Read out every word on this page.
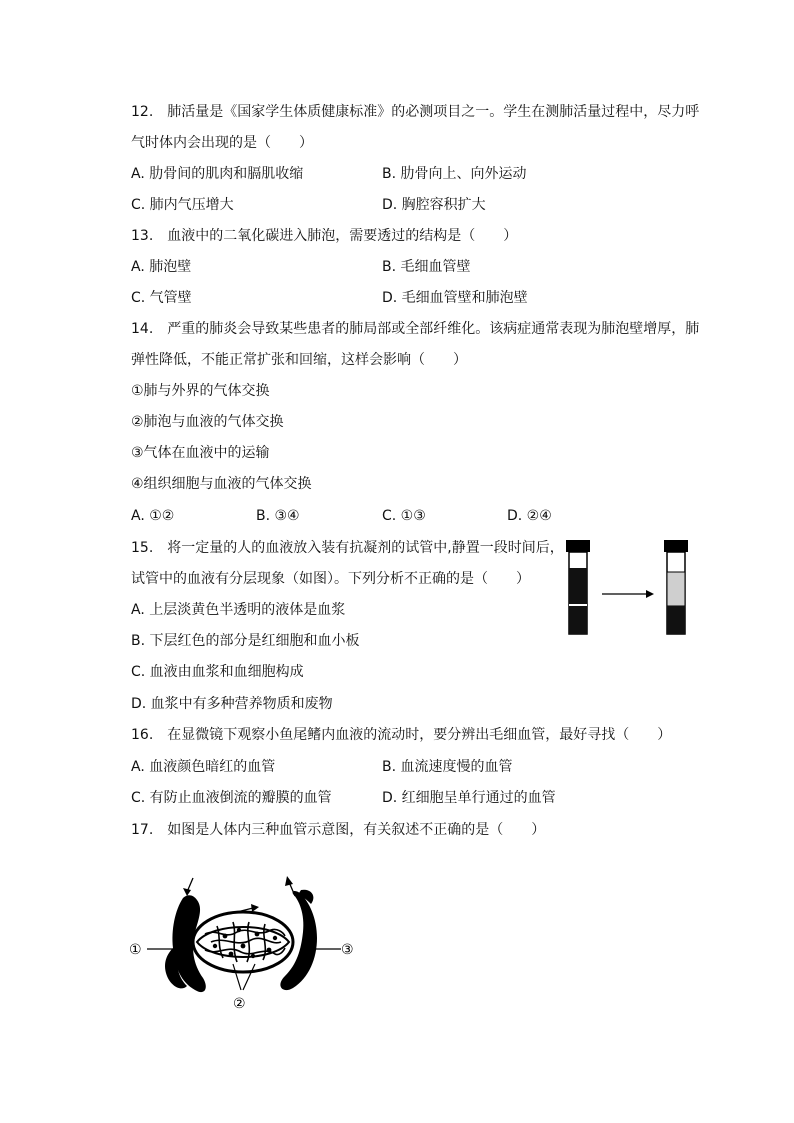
12.　肺活量是《国家学生体质健康标准》的必测项目之一。学生在测肺活量过程中，尽力呼
气时体内会出现的是（　　）
A. 肋骨间的肌肉和膈肌收缩	B. 肋骨向上、向外运动
C. 肺内气压增大	D. 胸腔容积扩大
13.　血液中的二氧化碳进入肺泡，需要透过的结构是（　　）
A. 肺泡壁	B. 毛细血管壁
C. 气管壁	D. 毛细血管壁和肺泡壁
14.　严重的肺炎会导致某些患者的肺局部或全部纤维化。该病症通常表现为肺泡壁增厚，肺
弹性降低，不能正常扩张和回缩，这样会影响（　　）
①肺与外界的气体交换
②肺泡与血液的气体交换
③气体在血液中的运输
④组织细胞与血液的气体交换
A. ①②	B. ③④	C. ①③	D. ②④
15.　将一定量的人的血液放入装有抗凝剂的试管中,静置一段时间后，
试管中的血液有分层现象（如图）。下列分析不正确的是（　　）
A. 上层淡黄色半透明的液体是血浆
B. 下层红色的部分是红细胞和血小板
C. 血液由血浆和血细胞构成
D. 血浆中有多种营养物质和废物
16.　在显微镜下观察小鱼尾鳍内血液的流动时，要分辨出毛细血管，最好寻找（　　）
A. 血液颜色暗红的血管	B. 血流速度慢的血管
C. 有防止血液倒流的瓣膜的血管	D. 红细胞呈单行通过的血管
17.　如图是人体内三种血管示意图，有关叙述不正确的是（　　）
①
②
③
